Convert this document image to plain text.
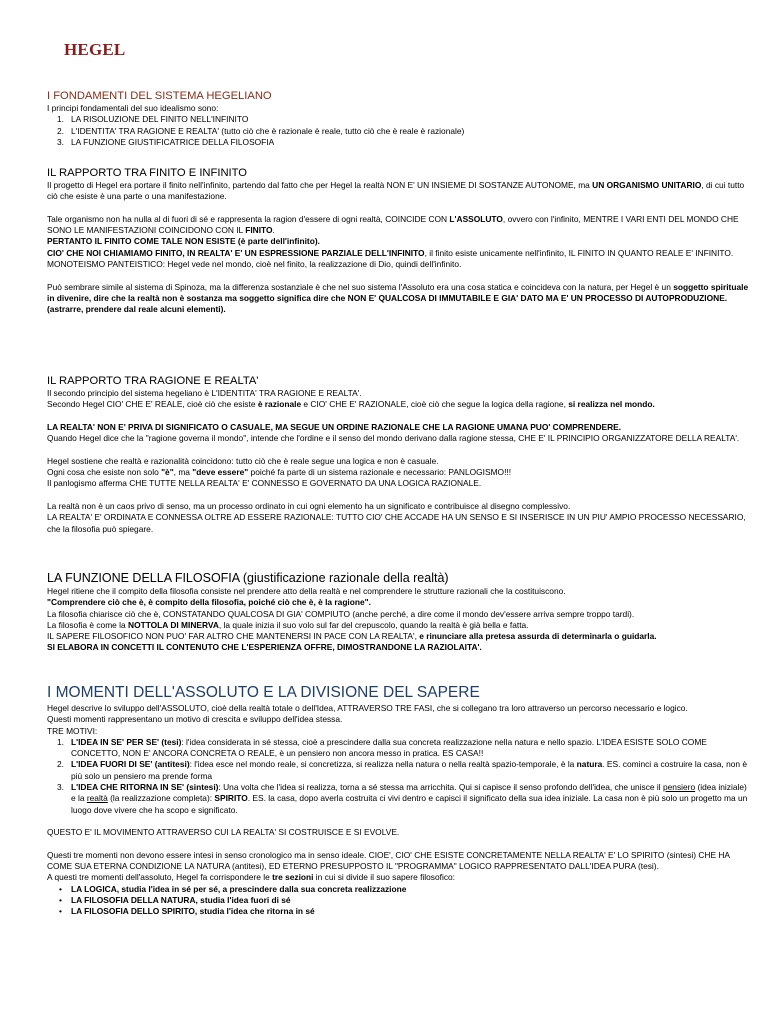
HEGEL
I FONDAMENTI DEL SISTEMA HEGELIANO

I principi fondamentali del suo idealismo sono:

1. LA RISOLUZIONE DEL FINITO NELL'INFINITO
2. L'IDENTITA' TRA RAGIONE E REALTA' (tutto ciò che è razionale è reale, tutto ciò che è reale è razionale)
3. LA FUNZIONE GIUSTIFICATRICE DELLA FILOSOFIA
IL RAPPORTO TRA FINITO E INFINITO

Il progetto di Hegel era portare il finito nell'infinito, partendo dal fatto che per Hegel la realtà NON E' UN INSIEME DI SOSTANZE AUTONOME, ma UN ORGANISMO UNITARIO, di cui tutto ciò che esiste è una parte o una manifestazione.

Tale organismo non ha nulla al di fuori di sé e rappresenta la ragion d'essere di ogni realtà, COINCIDE CON L'ASSOLUTO, ovvero con l'infinito, MENTRE I VARI ENTI DEL MONDO CHE SONO LE MANIFESTAZIONI COINCIDONO CON IL FINITO.

PERTANTO IL FINITO COME TALE NON ESISTE (è parte dell'infinito).

CIO' CHE NOI CHIAMIAMO FINITO, IN REALTA' E' UN ESPRESSIONE PARZIALE DELL'INFINITO, il finito esiste unicamente nell'infinito, IL FINITO IN QUANTO REALE E' INFINITO.

MONOTEISMO PANTEISTICO: Hegel vede nel mondo, cioè nel finito, la realizzazione di Dio, quindi dell'infinito.

Può sembrare simile al sistema di Spinoza, ma la differenza sostanziale è che nel suo sistema l'Assoluto era una cosa statica e coincideva con la natura, per Hegel è un soggetto spirituale in divenire, dire che la realtà non è sostanza ma soggetto significa dire che NON E' QUALCOSA DI IMMUTABILE E GIA' DATO MA E' UN PROCESSO DI AUTOPRODUZIONE.

(astrarre, prendere dal reale alcuni elementi).

IL RAPPORTO TRA RAGIONE E REALTA'

Il secondo principio del sistema hegeliano è L'IDENTITA' TRA RAGIONE E REALTA'.

Secondo Hegel CIO' CHE E' REALE, cioè ciò che esiste è razionale e CIO' CHE E' RAZIONALE, cioè ciò che segue la logica della ragione, si realizza nel mondo.

LA REALTA' NON E' PRIVA DI SIGNIFICATO O CASUALE, MA SEGUE UN ORDINE RAZIONALE CHE LA RAGIONE UMANA PUO' COMPRENDERE.

Quando Hegel dice che la "ragione governa il mondo", intende che l'ordine e il senso del mondo derivano dalla ragione stessa, CHE E' IL PRINCIPIO ORGANIZZATORE DELLA REALTA'.

Hegel sostiene che realtà e razionalità coincidono: tutto ciò che è reale segue una logica e non è casuale.

Ogni cosa che esiste non solo "è", ma "deve essere" poiché fa parte di un sistema razionale e necessario: PANLOGISMO!!!

Il panlogismo afferma CHE TUTTE NELLA REALTA' E' CONNESSO E GOVERNATO DA UNA LOGICA RAZIONALE.

La realtà non è un caos privo di senso, ma un processo ordinato in cui ogni elemento ha un significato e contribuisce al disegno complessivo.

LA REALTA' E' ORDINATA E CONNESSA OLTRE AD ESSERE RAZIONALE: TUTTO CIO' CHE ACCADE HA UN SENSO E SI INSERISCE IN UN PIU' AMPIO PROCESSO NECESSARIO, che la filosofia può spiegare.

LA FUNZIONE DELLA FILOSOFIA (giustificazione razionale della realtà)

Hegel ritiene che il compito della filosofia consiste nel prendere atto della realtà e nel comprendere le strutture razionali che la costituiscono.

"Comprendere ciò che è, è compito della filosofia, poiché ciò che è, è la ragione".

La filosofia chiarisce ciò che è, CONSTATANDO QUALCOSA DI GIA' COMPIUTO (anche perché, a dire come il mondo dev'essere arriva sempre troppo tardi).

La filosofia è come la NOTTOLA DI MINERVA, la quale inizia il suo volo sul far del crepuscolo, quando la realtà è già bella e fatta.

IL SAPERE FILOSOFICO NON PUO' FAR ALTRO CHE MANTENERSI IN PACE CON LA REALTA', e rinunciare alla pretesa assurda di determinarla o guidarla.

SI ELABORA IN CONCETTI IL CONTENUTO CHE L'ESPERIENZA OFFRE, DIMOSTRANDONE LA RAZIOLAITA'.

I MOMENTI DELL'ASSOLUTO E LA DIVISIONE DEL SAPERE

Hegel descrive lo sviluppo dell'ASSOLUTO, cioè della realtà totale o dell'Idea, ATTRAVERSO TRE FASI, che si collegano tra loro attraverso un percorso necessario e logico.

Questi momenti rappresentano un motivo di crescita e sviluppo dell'idea stessa.

TRE MOTIVI:

1. L'IDEA IN SE' PER SE' (tesi): l'idea considerata in sé stessa, cioè a prescindere dalla sua concreta realizzazione nella natura e nello spazio. L'IDEA ESISTE SOLO COME CONCETTO, NON E' ANCORA CONCRETA O REALE, è un pensiero non ancora messo in pratica. ES CASA!!
2. L'IDEA FUORI DI SE' (antitesi): l'idea esce nel mondo reale, si concretizza, si realizza nella natura o nella realtà spazio-temporale, è la natura. ES. cominci a costruire la casa, non è più solo un pensiero ma prende forma
3. L'IDEA CHE RITORNA IN SE' (sintesi): Una volta che l'idea si realizza, torna a sé stessa ma arricchita. Qui si capisce il senso profondo dell'idea, che unisce il pensiero (idea iniziale) e la realtà (la realizzazione completa): SPIRITO. ES. la casa, dopo averla costruita ci vivi dentro e capisci il significato della sua idea iniziale. La casa non è più solo un progetto ma un luogo dove vivere che ha scopo e significato.

QUESTO E' IL MOVIMENTO ATTRAVERSO CUI LA REALTA' SI COSTRUISCE E SI EVOLVE.

Questi tre momenti non devono essere intesi in senso cronologico ma in senso ideale. CIOE', CIO' CHE ESISTE CONCRETAMENTE NELLA REALTA' E' LO SPIRITO (sintesi) CHE HA COME SUA ETERNA CONDIZIONE LA NATURA (antitesi), ED ETERNO PRESUPPOSTO IL "PROGRAMMA" LOGICO RAPPRESENTATO DALL'IDEA PURA (tesi).

A questi tre momenti dell'assoluto, Hegel fa corrispondere le tre sezioni in cui si divide il suo sapere filosofico:

• LA LOGICA, studia l'idea in sé per sé, a prescindere dalla sua concreta realizzazione
• LA FILOSOFIA DELLA NATURA, studia l'idea fuori di sé
• LA FILOSOFIA DELLO SPIRITO, studia l'idea che ritorna in sé
